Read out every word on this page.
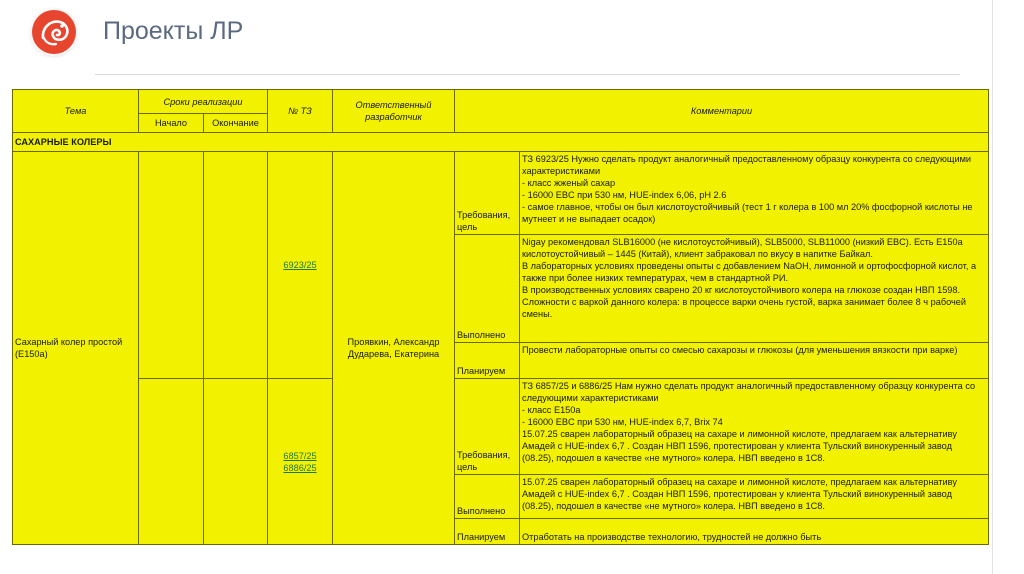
Проекты ЛР
Тема	Сроки реализации		№ ТЗ	Ответственный разработчик	Комментарии	
	Начало	Окончание				
САХАРНЫЕ КОЛЕРЫ						
Сахарный колер простой (Е150а)			6923/25	Проявкин, Александр Дударева, Екатерина	Требования, цель	ТЗ 6923/25 Нужно сделать продукт аналогичный предоставленному образцу конкурента со следующими характеристиками
- класс жженый сахар
- 16000 EBC при 530 нм, HUE-index 6,06, pH 2.6
- самое главное, чтобы он был кислотоустойчивый (тест 1 г колера в 100 мл 20% фосфорной кислоты не мутнеет и не выпадает осадок)
					Выполнено	Nigay рекомендовал SLB16000 (не кислотоустойчивый), SLB5000, SLB11000 (низкий EBC). Есть Е150а кислотоустойчивый – 1445 (Китай), клиент забраковал по вкусу в напитке Байкал.
В лабораторных условиях проведены опыты с добавлением NaOH, лимонной и ортофосфорной кислот, а также при более низких температурах, чем в стандартной РИ.
В производственных условиях сварено 20 кг кислотоустойчивого колера на глюкозе создан НВП 1598.
Сложности с варкой данного колера: в процессе варки очень густой, варка занимает более 8 ч рабочей смены.
					Планируем	Провести лабораторные опыты со смесью сахарозы и глюкозы (для уменьшения вязкости при варке)
			6857/25
6886/25		Требования, цель	ТЗ 6857/25 и 6886/25 Нам нужно сделать продукт аналогичный предоставленному образцу конкурента со следующими характеристиками
- класс Е150а
- 16000 EBC при 530 нм, HUE-index 6,7, Brix 74
15.07.25 сварен лабораторный образец на сахаре и лимонной кислоте, предлагаем как альтернативу Амадей с HUE-index 6,7 . Создан НВП 1596, протестирован у клиента Тульский винокуренный завод (08.25), подошел в качестве «не мутного» колера. НВП введено в 1С8.
					Выполнено	15.07.25 сварен лабораторный образец на сахаре и лимонной кислоте, предлагаем как альтернативу Амадей с HUE-index 6,7 . Создан НВП 1596, протестирован у клиента Тульский винокуренный завод (08.25), подошел в качестве «не мутного» колера. НВП введено в 1С8.
					Планируем	Отработать на производстве технологию, трудностей не должно быть
